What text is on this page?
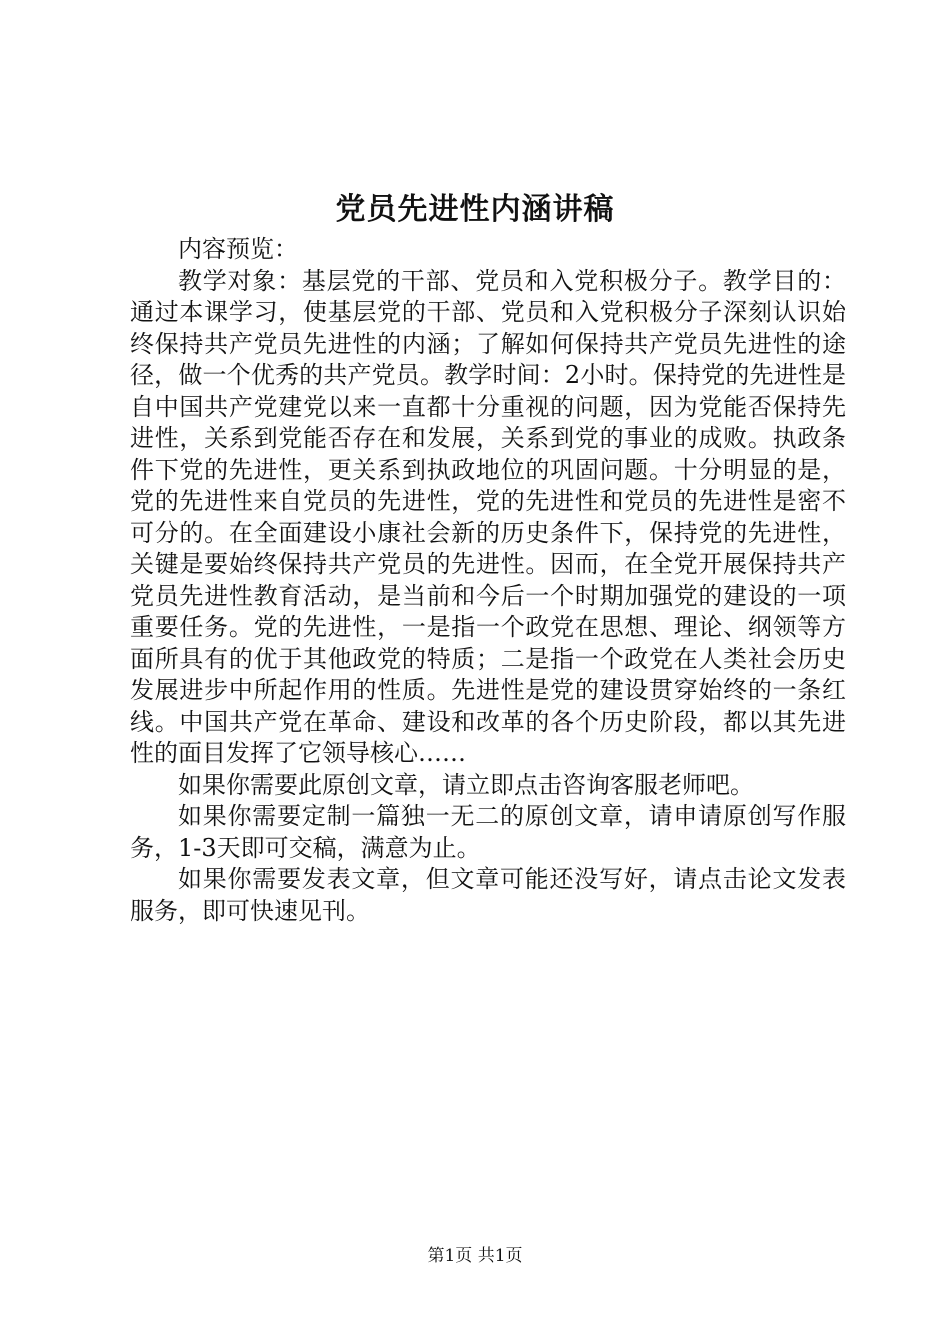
党员先进性内涵讲稿

内容预览：

教学对象：基层党的干部、党员和入党积极分子。教学目的：通过本课学习，使基层党的干部、党员和入党积极分子深刻认识始终保持共产党员先进性的内涵；了解如何保持共产党员先进性的途径，做一个优秀的共产党员。教学时间：2小时。保持党的先进性是自中国共产党建党以来一直都十分重视的问题，因为党能否保持先进性，关系到党能否存在和发展，关系到党的事业的成败。执政条件下党的先进性，更关系到执政地位的巩固问题。十分明显的是，党的先进性来自党员的先进性，党的先进性和党员的先进性是密不可分的。在全面建设小康社会新的历史条件下，保持党的先进性，关键是要始终保持共产党员的先进性。因而，在全党开展保持共产党员先进性教育活动，是当前和今后一个时期加强党的建设的一项重要任务。党的先进性，一是指一个政党在思想、理论、纲领等方面所具有的优于其他政党的特质；二是指一个政党在人类社会历史发展进步中所起作用的性质。先进性是党的建设贯穿始终的一条红线。中国共产党在革命、建设和改革的各个历史阶段，都以其先进性的面目发挥了它领导核心……

如果你需要此原创文章，请立即点击咨询客服老师吧。

如果你需要定制一篇独一无二的原创文章，请申请原创写作服务，1-3天即可交稿，满意为止。

如果你需要发表文章，但文章可能还没写好，请点击论文发表服务，即可快速见刊。

第1页 共1页
